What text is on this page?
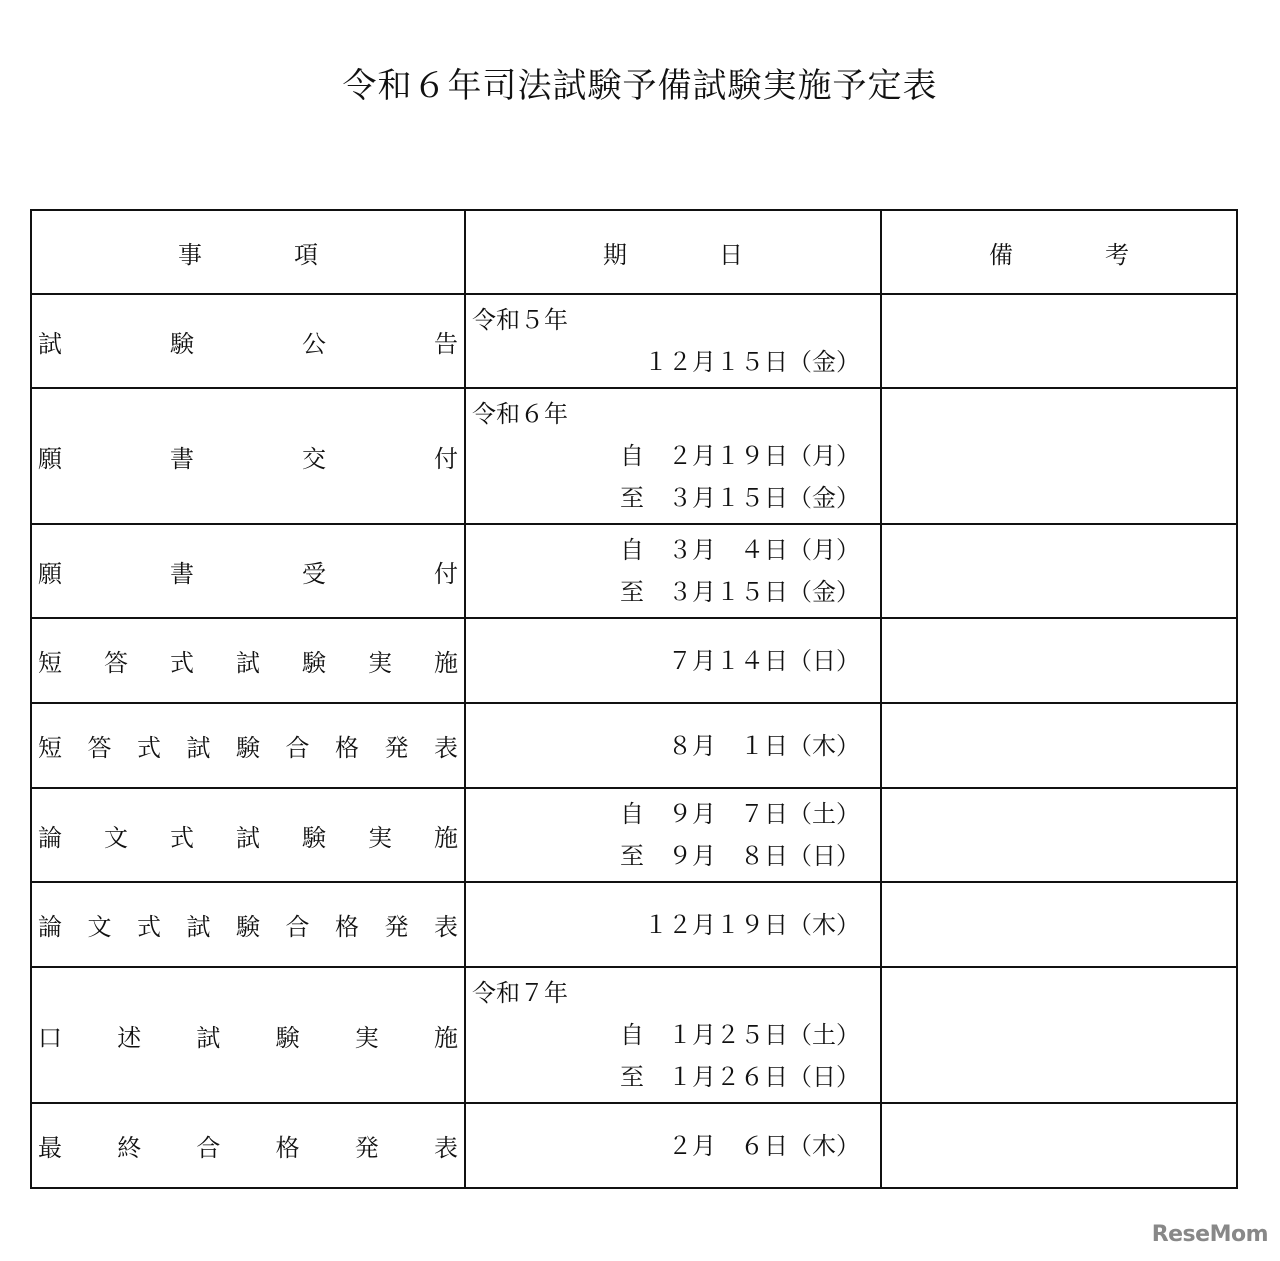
令和６年司法試験予備試験実施予定表
事項	期日	備考
試験公告	令和５年
１２月１５日（金）	

願書交付	令和６年
自　２月１９日（月）
至　３月１５日（金）	

願書受付	自　３月　４日（月）
至　３月１５日（金）	

短答式試験実施	７月１４日（日）	

短答式試験合格発表	８月　１日（木）	

論文式試験実施	自　９月　７日（土）
至　９月　８日（日）	

論文式試験合格発表	１２月１９日（木）	

口述試験実施	令和７年
自　１月２５日（土）
至　１月２６日（日）	

最終合格発表	２月　６日（木）	

ReseMom
